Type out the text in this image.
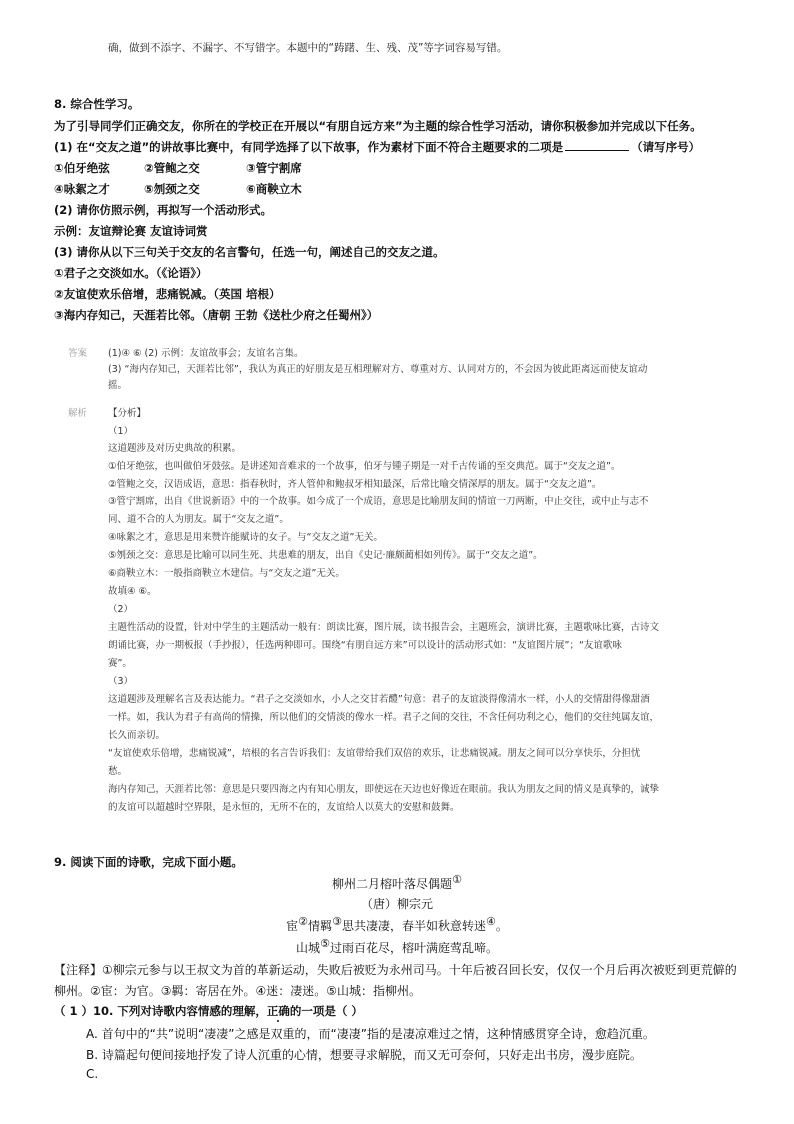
确，做到不添字、不漏字、不写错字。本题中的“踌躇、生、残、茂”等字词容易写错。
8. 综合性学习。
为了引导同学们正确交友，你所在的学校正在开展以“有朋自远方来”为主题的综合性学习活动，请你积极参加并完成以下任务。
(1) 在“交友之道”的讲故事比赛中，有同学选择了以下故事，作为素材下面不符合主题要求的二项是	（请写序号）
①伯牙绝弦	②管鲍之交	③管宁割席
④咏絮之才	⑤刎颈之交	⑥商鞅立木
(2) 请你仿照示例，再拟写一个活动形式。
示例：友谊辩论赛 友谊诗词赏
(3) 请你从以下三句关于交友的名言警句，任选一句，阐述自己的交友之道。
①君子之交淡如水。（《论语》）
②友谊使欢乐倍增，悲痛锐减。（英国 培根）
③海内存知己，天涯若比邻。（唐朝 王勃《送杜少府之任蜀州》）
答案 (1)④ ⑥ (2) 示例：友谊故事会；友谊名言集。
(3) “海内存知己，天涯若比邻”，我认为真正的好朋友是互相理解对方、尊重对方、认同对方的，不会因为彼此距离远而使友谊动
摇。
解析 【分析】
（1）
这道题涉及对历史典故的积累。
①伯牙绝弦，也叫做伯牙鼓弦。是讲述知音难求的一个故事，伯牙与锺子期是一对千古传诵的至交典范。属于“交友之道”。
②管鲍之交，汉语成语，意思：指春秋时，齐人管仲和鲍叔牙相知最深，后常比喻交情深厚的朋友。属于“交友之道”。
③管宁割席，出自《世说新语》中的一个故事。如今成了一个成语，意思是比喻朋友间的情谊一刀两断，中止交往，或中止与志不
同、道不合的人为朋友。属于“交友之道”。
④咏絮之才，意思是用来赞许能赋诗的女子。与“交友之道”无关。
⑤刎颈之交：意思是比喻可以同生死、共患难的朋友，出自《史记·廉颇蔺相如列传》。属于“交友之道”。
⑥商鞅立木：一般指商鞅立木建信。与“交友之道”无关。
故填④ ⑥。
（2）
主题性活动的设置，针对中学生的主题活动一般有：朗读比赛，图片展，读书报告会，主题班会，演讲比赛，主题歌咏比赛，古诗文
朗诵比赛，办一期板报（手抄报），任选两种即可。围绕“有朋自远方来”可以设计的活动形式如：“友谊图片展”；“友谊歌咏
赛”。
（3）
这道题涉及理解名言及表达能力。“君子之交淡如水，小人之交甘若醴”句意：君子的友谊淡得像清水一样，小人的交情甜得像甜酒
一样。如，我认为君子有高尚的情操，所以他们的交情淡的像水一样。君子之间的交往，不含任何功利之心，他们的交往纯属友谊，
长久而亲切。
“友谊使欢乐倍增，悲痛锐减”，培根的名言告诉我们：友谊带给我们双倍的欢乐，让悲痛锐减。朋友之间可以分享快乐，分担忧
愁。
海内存知己，天涯若比邻：意思是只要四海之内有知心朋友，即使远在天边也好像近在眼前。我认为朋友之间的情义是真挚的，诚挚
的友谊可以超越时空界限，是永恒的，无所不在的，友谊给人以莫大的安慰和鼓舞。
9. 阅读下面的诗歌，完成下面小题。
柳州二月榕叶落尽偶题①
（唐）柳宗元
宦②情羁③思共凄凄，春半如秋意转迷④。
山城⑤过雨百花尽，榕叶满庭莺乱啼。
【注释】①柳宗元参与以王叔文为首的革新运动，失败后被贬为永州司马。十年后被召回长安，仅仅一个月后再次被贬到更荒僻的
柳州。②宦：为官。③羁：寄居在外。④迷：凄迷。⑤山城：指柳州。
（ 1 ）10. 下列对诗歌内容情感的理解，正确的一项是（ ）
A. 首句中的“共”说明“凄凄”之感是双重的，而“凄凄”指的是凄凉难过之情，这种情感贯穿全诗，愈趋沉重。
B. 诗篇起句便间接地抒发了诗人沉重的心情，想要寻求解脱，而又无可奈何，只好走出书房，漫步庭院。
C.
